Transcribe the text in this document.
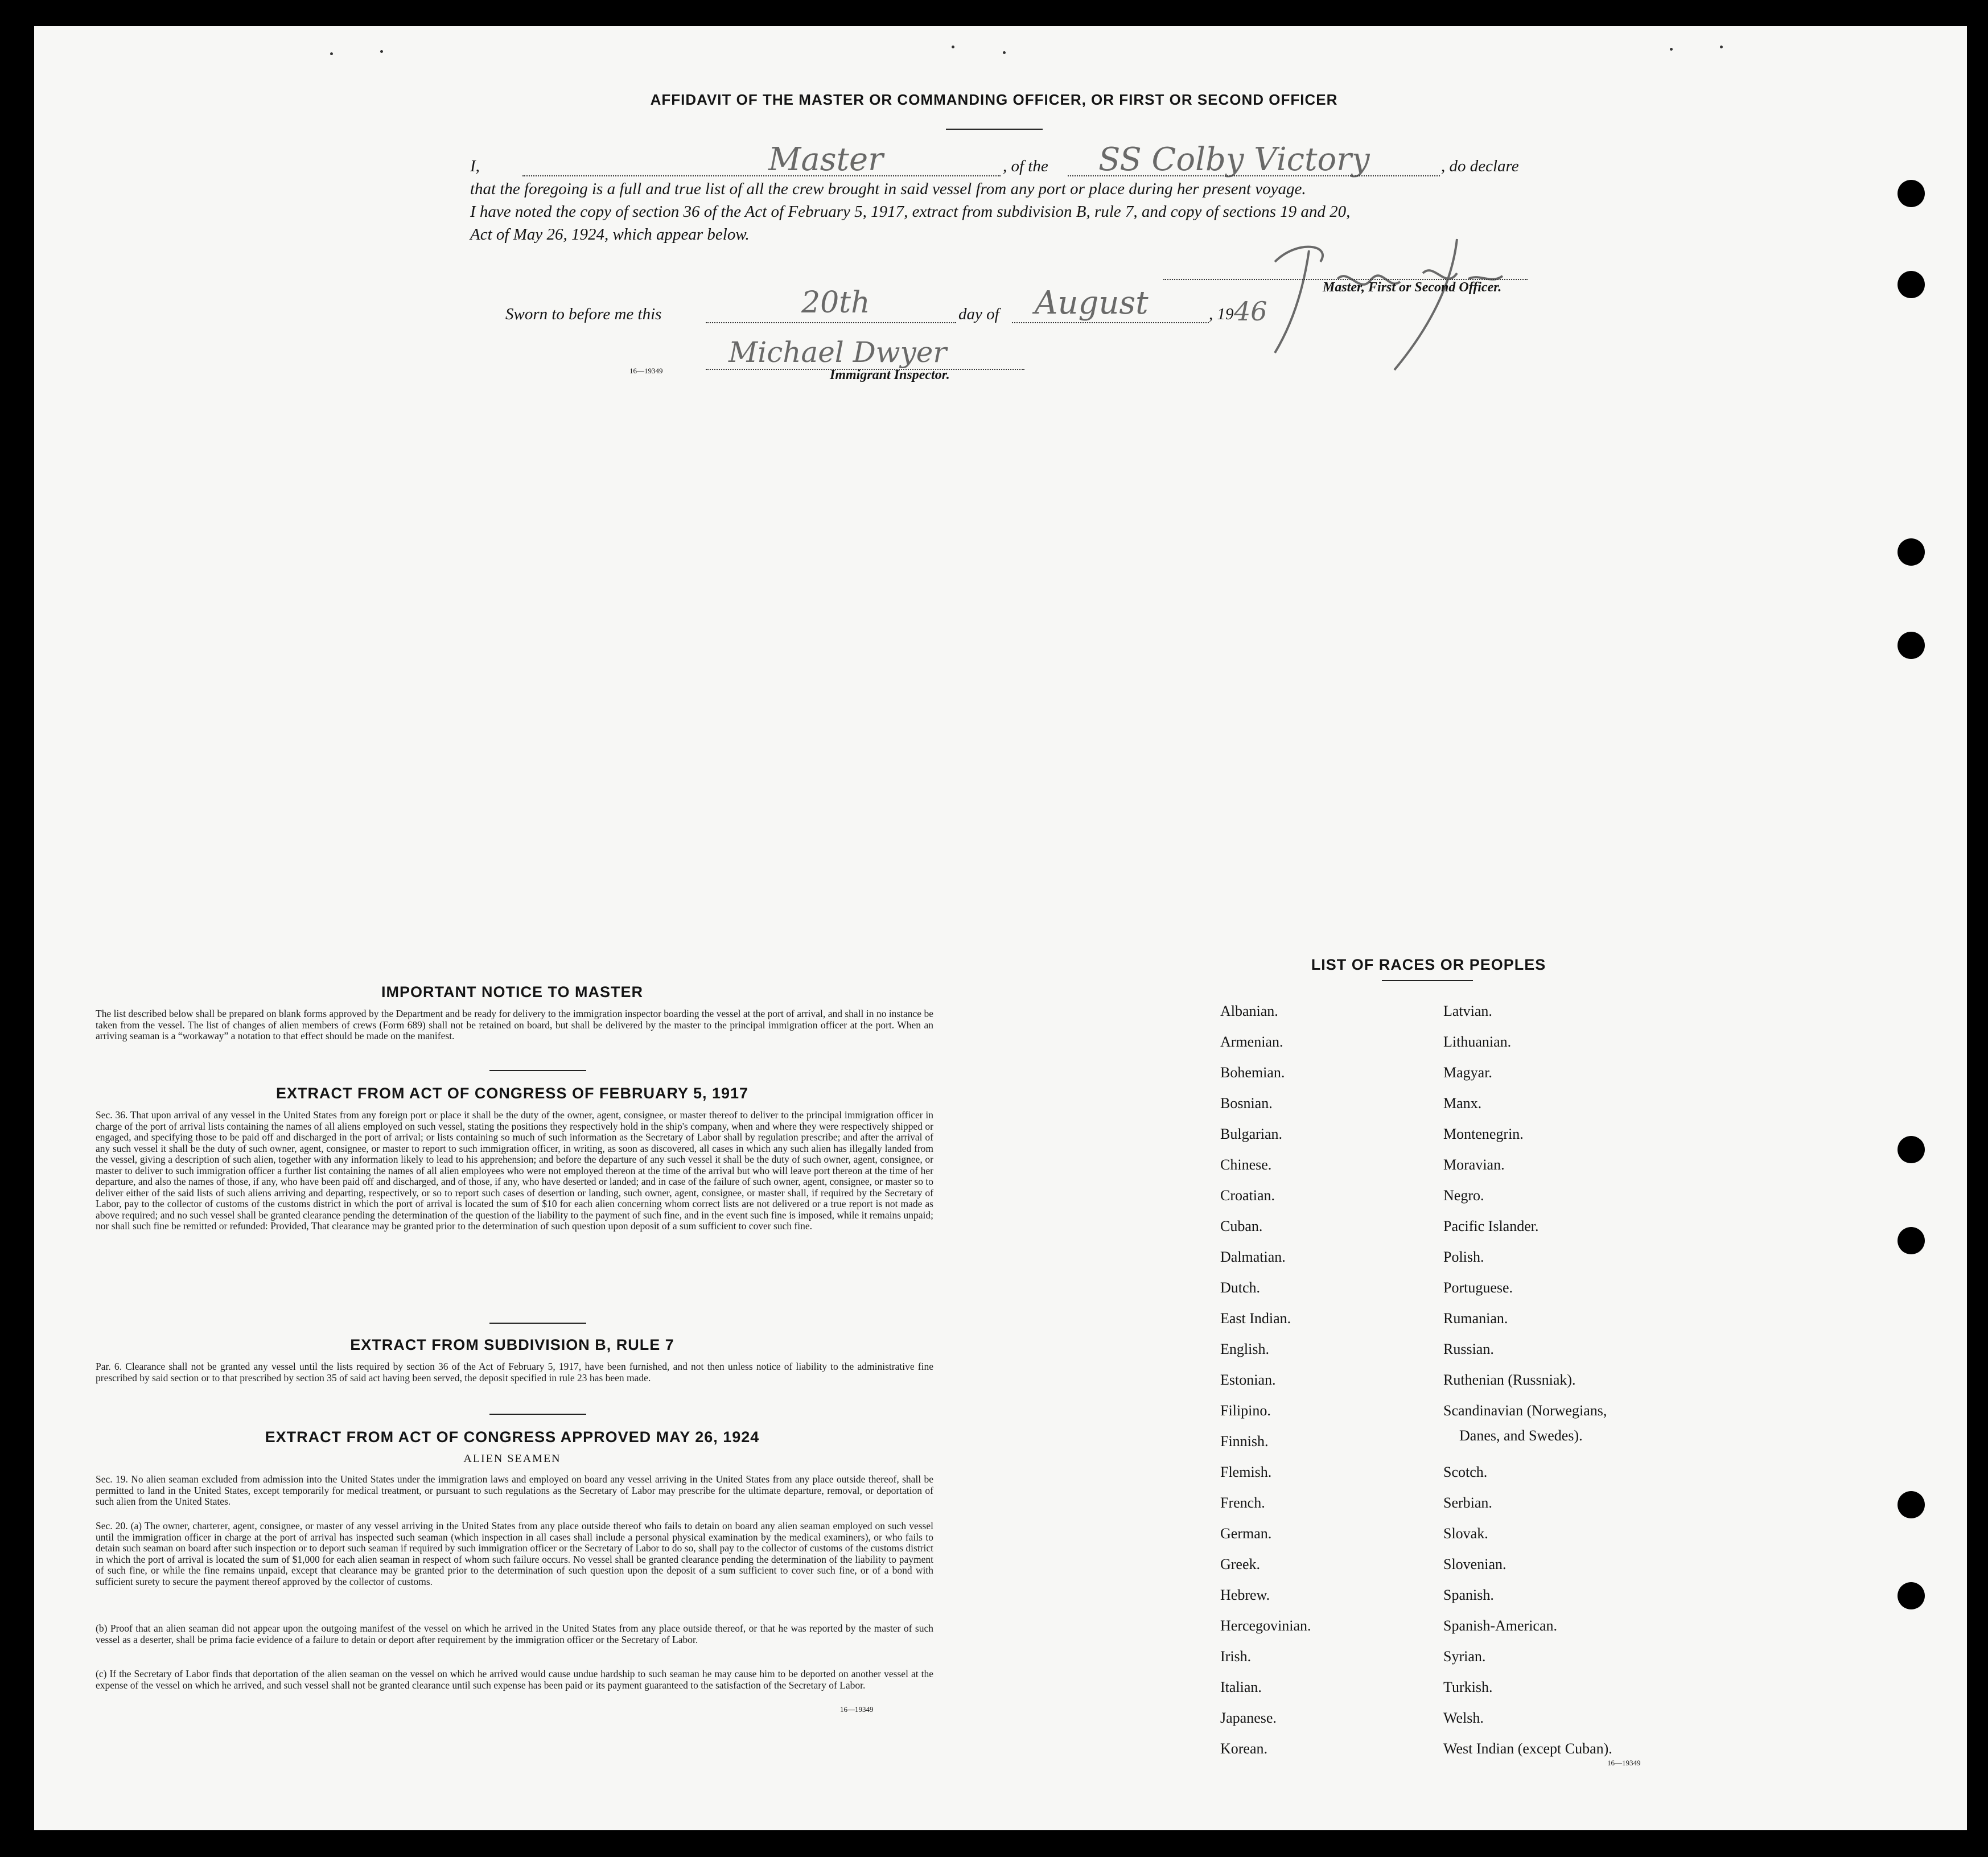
AFFIDAVIT OF THE MASTER OR COMMANDING OFFICER, OR FIRST OR SECOND OFFICER
I,	Master	, of the SS Colby Victory	, do declare
that the foregoing is a full and true list of all the crew brought in said vessel from any port or place during her present voyage.
I have noted the copy of section 36 of the Act of February 5, 1917, extract from subdivision B, rule 7, and copy of sections 19 and 20,
Act of May 26, 1924, which appear below.
Master, First or Second Officer.
Sworn to before me this	20th	day of August	, 19 46
16—19349
Michael Dwyer
Immigrant Inspector.
IMPORTANT NOTICE TO MASTER
The list described below shall be prepared on blank forms approved by the Department and be ready for delivery to the immigration inspector boarding the vessel at the port of arrival, and shall in no instance be taken from the vessel. The list of changes of alien members of crews (Form 689) shall not be retained on board, but shall be delivered by the master to the principal immigration officer at the port. When an arriving seaman is a “workaway” a notation to that effect should be made on the manifest.
EXTRACT FROM ACT OF CONGRESS OF FEBRUARY 5, 1917
Sec. 36. That upon arrival of any vessel in the United States from any foreign port or place it shall be the duty of the owner, agent, consignee, or master thereof to deliver to the principal immigration officer in charge of the port of arrival lists containing the names of all aliens employed on such vessel, stating the positions they respectively hold in the ship's company, when and where they were respectively shipped or engaged, and specifying those to be paid off and discharged in the port of arrival; or lists containing so much of such information as the Secretary of Labor shall by regulation prescribe; and after the arrival of any such vessel it shall be the duty of such owner, agent, consignee, or master to report to such immigration officer, in writing, as soon as discovered, all cases in which any such alien has illegally landed from the vessel, giving a description of such alien, together with any information likely to lead to his apprehension; and before the departure of any such vessel it shall be the duty of such owner, agent, consignee, or master to deliver to such immigration officer a further list containing the names of all alien employees who were not employed thereon at the time of the arrival but who will leave port thereon at the time of her departure, and also the names of those, if any, who have been paid off and discharged, and of those, if any, who have deserted or landed; and in case of the failure of such owner, agent, consignee, or master so to deliver either of the said lists of such aliens arriving and departing, respectively, or so to report such cases of desertion or landing, such owner, agent, consignee, or master shall, if required by the Secretary of Labor, pay to the collector of customs of the customs district in which the port of arrival is located the sum of $10 for each alien concerning whom correct lists are not delivered or a true report is not made as above required; and no such vessel shall be granted clearance pending the determination of the question of the liability to the payment of such fine, and in the event such fine is imposed, while it remains unpaid; nor shall such fine be remitted or refunded: Provided, That clearance may be granted prior to the determination of such question upon deposit of a sum sufficient to cover such fine.
EXTRACT FROM SUBDIVISION B, RULE 7
Par. 6. Clearance shall not be granted any vessel until the lists required by section 36 of the Act of February 5, 1917, have been furnished, and not then unless notice of liability to the administrative fine prescribed by said section or to that prescribed by section 35 of said act having been served, the deposit specified in rule 23 has been made.
EXTRACT FROM ACT OF CONGRESS APPROVED MAY 26, 1924
ALIEN SEAMEN
Sec. 19. No alien seaman excluded from admission into the United States under the immigration laws and employed on board any vessel arriving in the United States from any place outside thereof, shall be permitted to land in the United States, except temporarily for medical treatment, or pursuant to such regulations as the Secretary of Labor may prescribe for the ultimate departure, removal, or deportation of such alien from the United States.
Sec. 20. (a) The owner, charterer, agent, consignee, or master of any vessel arriving in the United States from any place outside thereof who fails to detain on board any alien seaman employed on such vessel until the immigration officer in charge at the port of arrival has inspected such seaman (which inspection in all cases shall include a personal physical examination by the medical examiners), or who fails to detain such seaman on board after such inspection or to deport such seaman if required by such immigration officer or the Secretary of Labor to do so, shall pay to the collector of customs of the customs district in which the port of arrival is located the sum of $1,000 for each alien seaman in respect of whom such failure occurs. No vessel shall be granted clearance pending the determination of the liability to payment of such fine, or while the fine remains unpaid, except that clearance may be granted prior to the determination of such question upon the deposit of a sum sufficient to cover such fine, or of a bond with sufficient surety to secure the payment thereof approved by the collector of customs.
(b) Proof that an alien seaman did not appear upon the outgoing manifest of the vessel on which he arrived in the United States from any place outside thereof, or that he was reported by the master of such vessel as a deserter, shall be prima facie evidence of a failure to detain or deport after requirement by the immigration officer or the Secretary of Labor.
(c) If the Secretary of Labor finds that deportation of the alien seaman on the vessel on which he arrived would cause undue hardship to such seaman he may cause him to be deported on another vessel at the expense of the vessel on which he arrived, and such vessel shall not be granted clearance until such expense has been paid or its payment guaranteed to the satisfaction of the Secretary of Labor.
16—19349
LIST OF RACES OR PEOPLES
Albanian.
Armenian.
Bohemian.
Bosnian.
Bulgarian.
Chinese.
Croatian.
Cuban.
Dalmatian.
Dutch.
East Indian.
English.
Estonian.
Filipino.
Finnish.
Flemish.
French.
German.
Greek.
Hebrew.
Hercegovinian.
Irish.
Italian.
Japanese.
Korean.
Latvian.
Lithuanian.
Magyar.
Manx.
Montenegrin.
Moravian.
Negro.
Pacific Islander.
Polish.
Portuguese.
Rumanian.
Russian.
Ruthenian (Russniak).
Scandinavian (Norwegians,
Scotch.
Serbian.
Slovak.
Slovenian.
Spanish.
Spanish-American.
Syrian.
Turkish.
Welsh.
West Indian (except Cuban).
Danes, and Swedes).
16—19349
